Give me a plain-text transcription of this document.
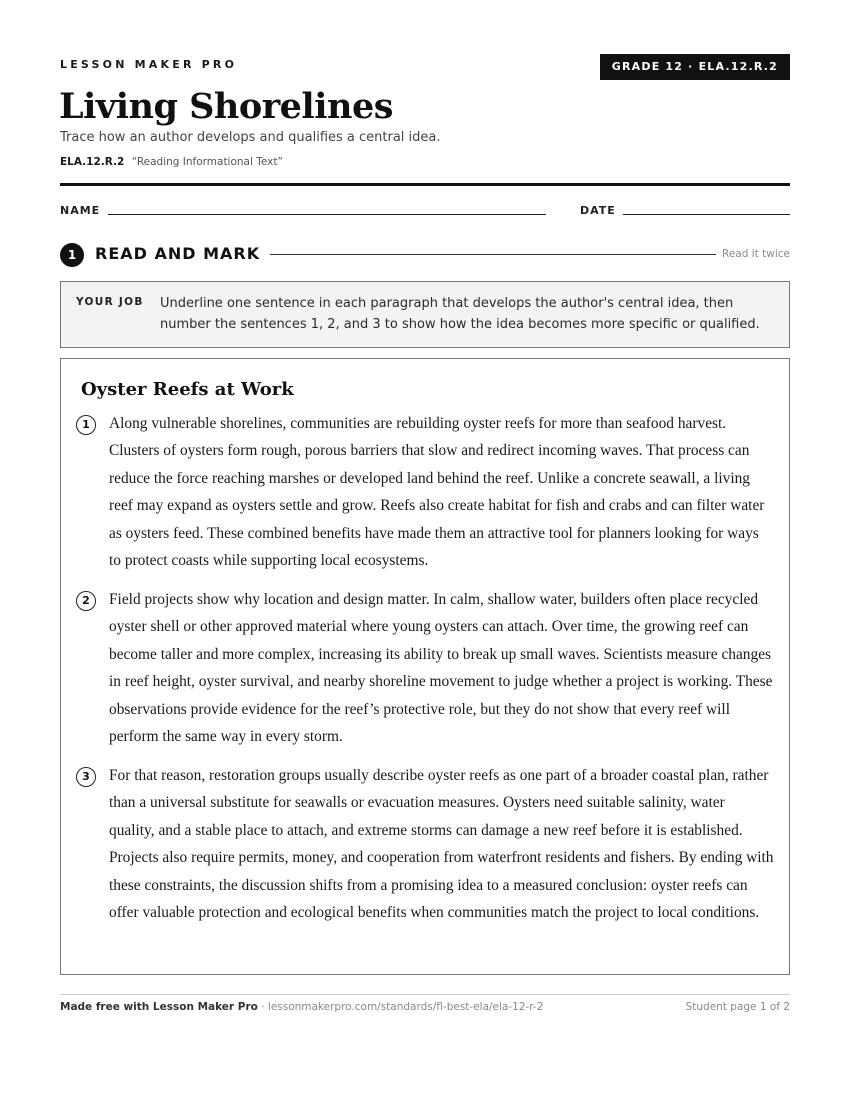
LESSON MAKER PRO	GRADE 12 · ELA.12.R.2
Living Shorelines
Trace how an author develops and qualifies a central idea.
ELA.12.R.2 “Reading Informational Text”
NAME	DATE
1	READ AND MARK	Read it twice
YOUR JOB Underline one sentence in each paragraph that develops the author's central idea, then number the sentences 1, 2, and 3 to show how the idea becomes more specific or qualified.
Oyster Reefs at Work
1	Along vulnerable shorelines, communities are rebuilding oyster reefs for more than seafood harvest. Clusters of oysters form rough, porous barriers that slow and redirect incoming waves. That process can reduce the force reaching marshes or developed land behind the reef. Unlike a concrete seawall, a living reef may expand as oysters settle and grow. Reefs also create habitat for fish and crabs and can filter water as oysters feed. These combined benefits have made them an attractive tool for planners looking for ways to protect coasts while supporting local ecosystems.
2	Field projects show why location and design matter. In calm, shallow water, builders often place recycled oyster shell or other approved material where young oysters can attach. Over time, the growing reef can become taller and more complex, increasing its ability to break up small waves. Scientists measure changes in reef height, oyster survival, and nearby shoreline movement to judge whether a project is working. These observations provide evidence for the reef’s protective role, but they do not show that every reef will perform the same way in every storm.
3	For that reason, restoration groups usually describe oyster reefs as one part of a broader coastal plan, rather than a universal substitute for seawalls or evacuation measures. Oysters need suitable salinity, water quality, and a stable place to attach, and extreme storms can damage a new reef before it is established. Projects also require permits, money, and cooperation from waterfront residents and fishers. By ending with these constraints, the discussion shifts from a promising idea to a measured conclusion: oyster reefs can offer valuable protection and ecological benefits when communities match the project to local conditions.
Made free with Lesson Maker Pro · lessonmakerpro.com/standards/fl-best-ela/ela-12-r-2	Student page 1 of 2
